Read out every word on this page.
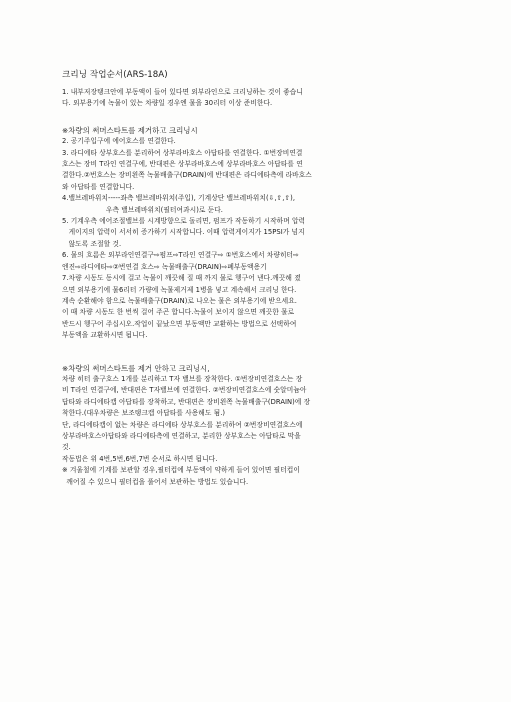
크리닝 작업순서(ARS-18A)
1. 내부저장탱크안에 부동액이 들어 있다면 외부라인으로 크리닝하는 것이 좋습니
다. 외부용기에 녹물이 있는 차량일 경우엔 물을 30리터 이상 준비한다.
※차량의 써머스타트를 제거하고 크리닝시
2. 공기주입구에 에어호스를 연결한다.
3. 라디에타 상부호스를 분리하여 상부라바호스 아답타를 연결한다. ①번장비연결
호스는 장비 T라인 연결구에, 반대편은 상부라바호스에 상부라바호스 아답타를 연
결한다.②번호스는 장비왼쪽 녹물배출구(DRAIN)에 반대편은 라디에타측에 라바호스
와 아답타를 연결합니다.
4.밸브레바위치-----좌측 밸브레바위치(주입), 기계상단 밸브레바위치(⇩,⇧,⇧),
우측 밸브레바위치(필터여과시)로 둔다.
5. 기계우측 에어조절밸브를 시계방향으로 돌리면, 펌프가 작동하기 시작하며 압력
게이지의 압력이 서서히 증가하기 시작합니다. 이때 압력게이지가 15PSI가 넘지
않도록 조절할 것.
6. 물의 흐름은 외부라인연결구⇨펌프⇨T라인 연결구⇨ ①번호스에서 차량히터⇨
엔진⇨라디에타⇨②번연결 호스⇨ 녹물배출구(DRAIN)⇨폐부동액용기
7.차량 시동도 동시에 걸고 녹물이 깨끗해 질 때 까지 물로 헹구어 낸다.깨끗해 졌
으면 외부용기에 물6리터 가량에 녹물제거제 1병을 넣고 계속해서 크리닝 한다.
계속 순환해야 함으로 녹물배출구(DRAIN)로 나오는 물은 외부용기에 받으세요.
이 때 차량 시동도 한 번씩 걸어 주곤 합니다.녹물이 보이지 않으면 깨끗한 물로
반드시 헹구어 주십시오.작업이 끝났으면 부동액만 교환하는 방법으로 선택하여
부동액을 교환하시면 됩니다.
※차량의 써머스타트를 제거 안하고 크리닝시,
차량 히터 출구호스 1개를 분리하고 T자 밸브를 장착한다. ①번장비연결호스는 장
비 T라인 연결구에, 반대편은 T자밸브에 연결한다. ②번장비연결호스에 숫알미늄아
답타와 라디에타캡 아답타를 장착하고, 반대편은 장비왼쪽 녹물배출구(DRAIN)에 장
착한다.(대우차량은 보조탱크캡 아답타를 사용해도 됨.)
단, 라디에타캡이 없는 차량은 라디에타 상부호스를 분리하여 ②번장비연결호스에
상부라바호스아답타와 라디에타측에 연결하고, 분리한 상부호스는 아답타로 막을
것.
작동법은 위 4번,5번,6번,7번 순서로 하시면 됩니다.
※ 겨울철에 기계를 보관할 경우,필터컵에 부동액이 약하게 들어 있어면 필터컵이
깨어질 수 있으니 필터컵을 풀어서 보관하는 방법도 있습니다.
